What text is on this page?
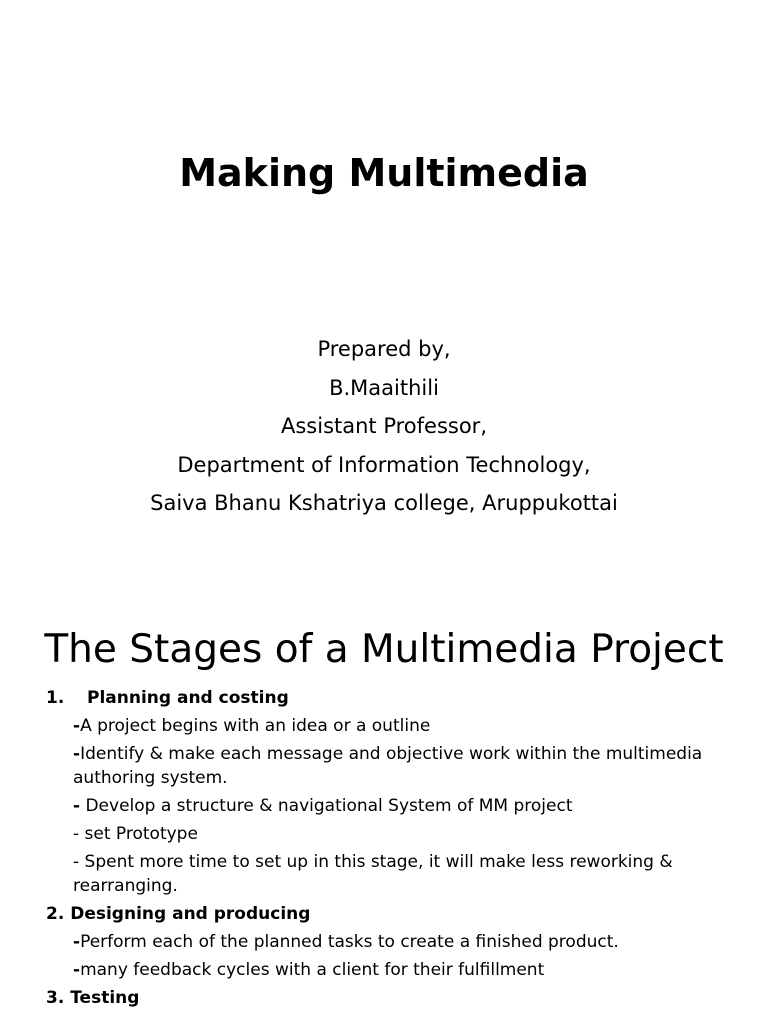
Making Multimedia
Prepared by,
B.Maaithili
Assistant Professor,
Department of Information Technology,
Saiva Bhanu Kshatriya college, Aruppukottai
The Stages of a Multimedia Project
1. Planning and costing
-A project begins with an idea or a outline
-Identify & make each message and objective work within the multimedia authoring system.
- Develop a structure & navigational System of MM project
- set Prototype
- Spent more time to set up in this stage, it will make less reworking & rearranging.
2. Designing and producing
-Perform each of the planned tasks to create a finished product.
-many feedback cycles with a client for their fulfillment
3. Testing
